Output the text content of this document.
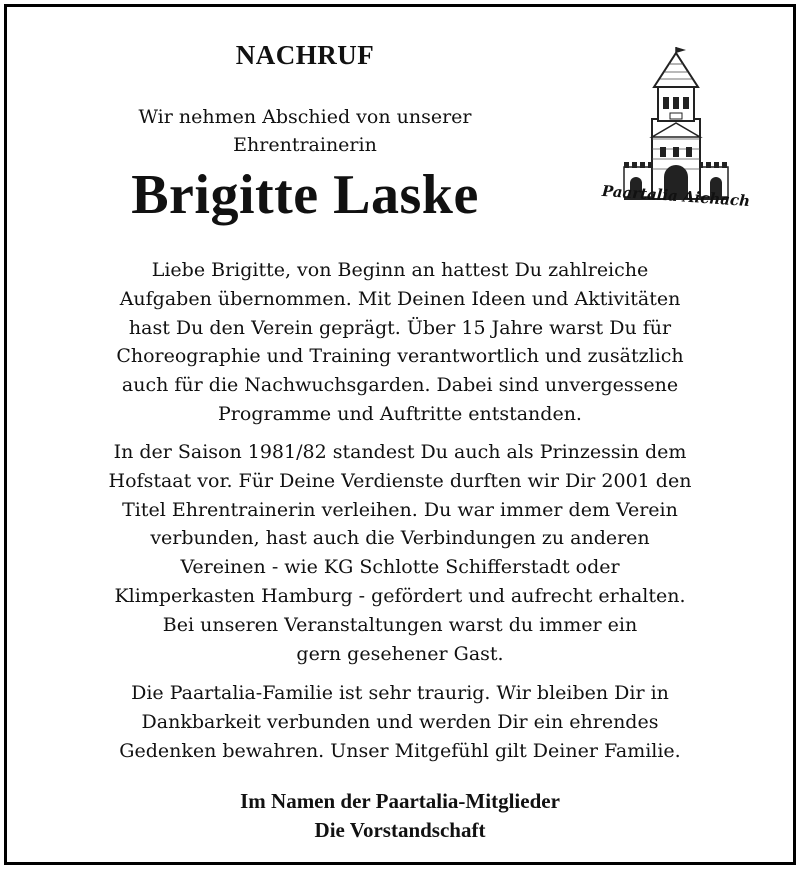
NACHRUF
Wir nehmen Abschied von unserer
Ehrentrainerin
Brigitte Laske	Paartalia Aichach
Liebe Brigitte, von Beginn an hattest Du zahlreiche
Aufgaben übernommen. Mit Deinen Ideen und Aktivitäten
hast Du den Verein geprägt. Über 15 Jahre warst Du für
Choreographie und Training verantwortlich und zusätzlich
auch für die Nachwuchsgarden. Dabei sind unvergessene
Programme und Auftritte entstanden.
In der Saison 1981/82 standest Du auch als Prinzessin dem
Hofstaat vor. Für Deine Verdienste durften wir Dir 2001 den
Titel Ehrentrainerin verleihen. Du war immer dem Verein
verbunden, hast auch die Verbindungen zu anderen
Vereinen - wie KG Schlotte Schifferstadt oder
Klimperkasten Hamburg - gefördert und aufrecht erhalten.
Bei unseren Veranstaltungen warst du immer ein
gern gesehener Gast.
Die Paartalia-Familie ist sehr traurig. Wir bleiben Dir in
Dankbarkeit verbunden und werden Dir ein ehrendes
Gedenken bewahren. Unser Mitgefühl gilt Deiner Familie.
Im Namen der Paartalia-Mitglieder
Die Vorstandschaft
